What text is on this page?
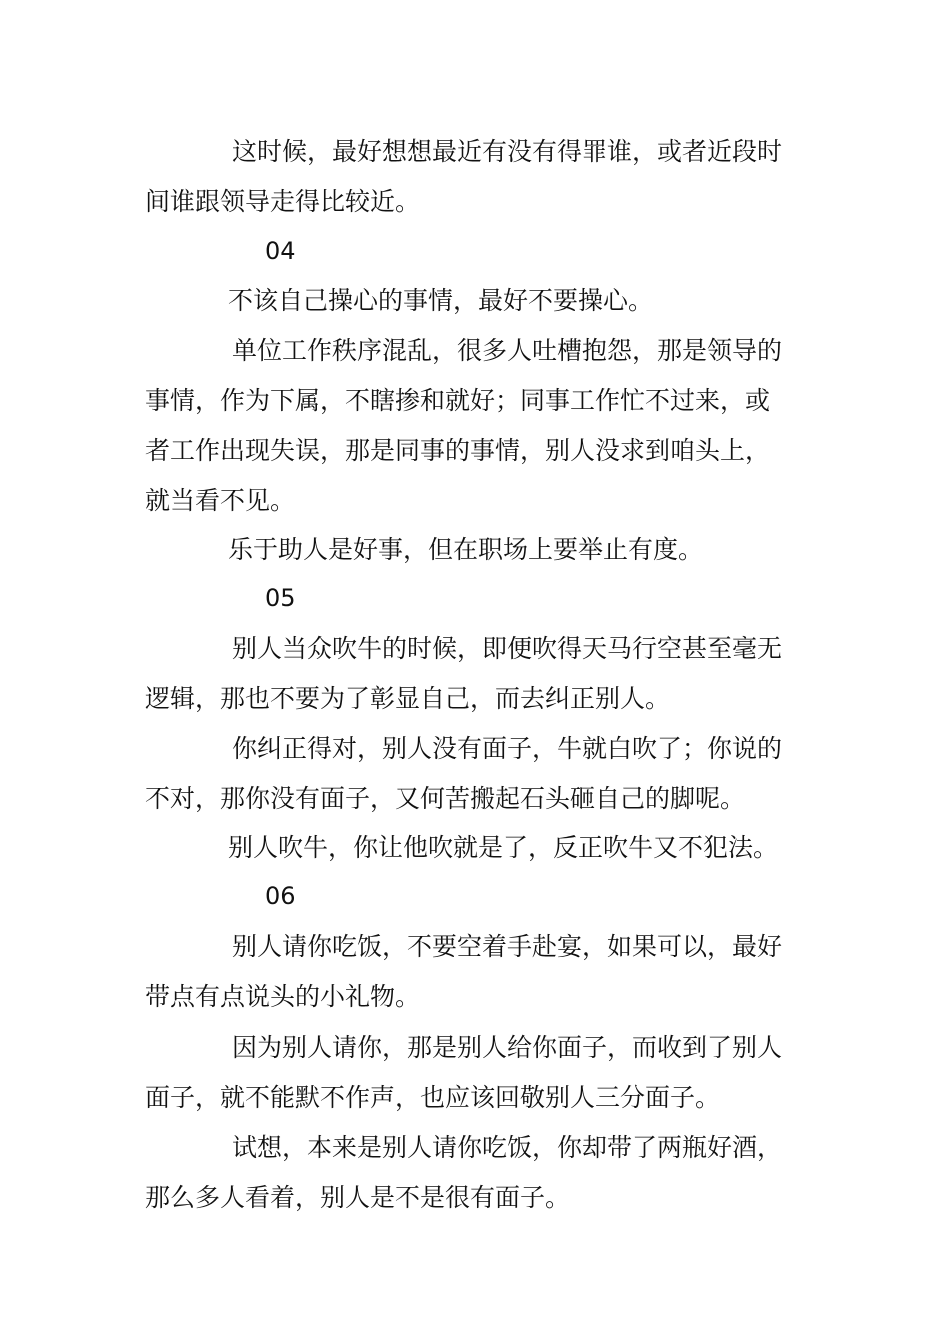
这时候，最好想想最近有没有得罪谁，或者近段时
间谁跟领导走得比较近。
04
不该自己操心的事情，最好不要操心。
单位工作秩序混乱，很多人吐槽抱怨，那是领导的
事情，作为下属，不瞎掺和就好；同事工作忙不过来，或
者工作出现失误，那是同事的事情，别人没求到咱头上，
就当看不见。
乐于助人是好事，但在职场上要举止有度。
05
别人当众吹牛的时候，即便吹得天马行空甚至毫无
逻辑，那也不要为了彰显自己，而去纠正别人。
你纠正得对，别人没有面子，牛就白吹了；你说的
不对，那你没有面子，又何苦搬起石头砸自己的脚呢。
别人吹牛，你让他吹就是了，反正吹牛又不犯法。
06
别人请你吃饭，不要空着手赴宴，如果可以，最好
带点有点说头的小礼物。
因为别人请你，那是别人给你面子，而收到了别人
面子，就不能默不作声，也应该回敬别人三分面子。
试想，本来是别人请你吃饭，你却带了两瓶好酒，
那么多人看着，别人是不是很有面子。
